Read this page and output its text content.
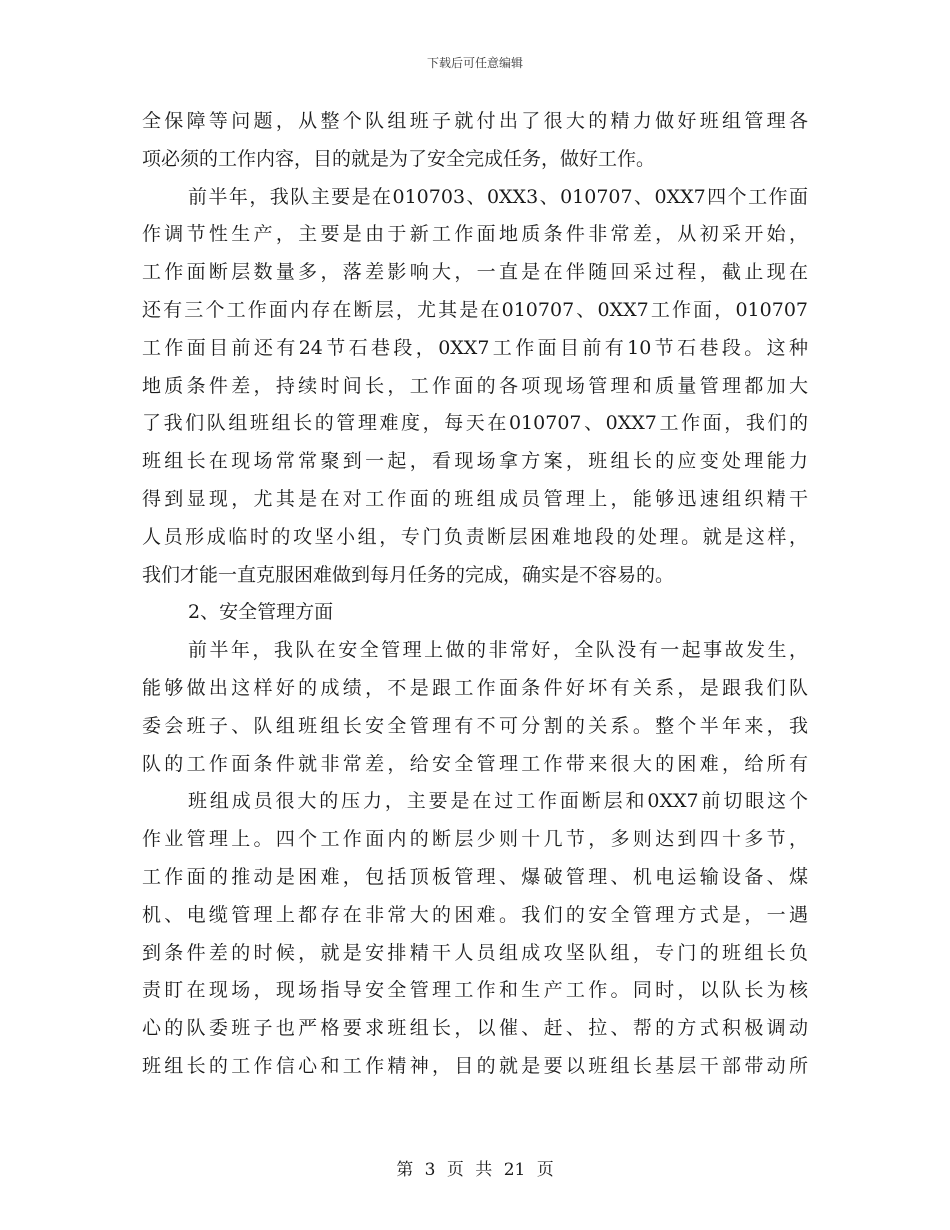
下载后可任意编辑
全保障等问题，从整个队组班子就付出了很大的精力做好班组管理各
项必须的工作内容，目的就是为了安全完成任务，做好工作。
前半年，我队主要是在010703、0XX3、010707、0XX7四个工作面
作调节性生产，主要是由于新工作面地质条件非常差，从初采开始，
工作面断层数量多，落差影响大，一直是在伴随回采过程，截止现在
还有三个工作面内存在断层，尤其是在010707、0XX7工作面，010707
工作面目前还有24节石巷段，0XX7工作面目前有10节石巷段。这种
地质条件差，持续时间长，工作面的各项现场管理和质量管理都加大
了我们队组班组长的管理难度，每天在010707、0XX7工作面，我们的
班组长在现场常常聚到一起，看现场拿方案，班组长的应变处理能力
得到显现，尤其是在对工作面的班组成员管理上，能够迅速组织精干
人员形成临时的攻坚小组，专门负责断层困难地段的处理。就是这样，
我们才能一直克服困难做到每月任务的完成，确实是不容易的。
2、安全管理方面
前半年，我队在安全管理上做的非常好，全队没有一起事故发生，
能够做出这样好的成绩，不是跟工作面条件好坏有关系，是跟我们队
委会班子、队组班组长安全管理有不可分割的关系。整个半年来，我
队的工作面条件就非常差，给安全管理工作带来很大的困难，给所有
班组成员很大的压力，主要是在过工作面断层和0XX7前切眼这个
作业管理上。四个工作面内的断层少则十几节，多则达到四十多节，
工作面的推动是困难，包括顶板管理、爆破管理、机电运输设备、煤
机、电缆管理上都存在非常大的困难。我们的安全管理方式是，一遇
到条件差的时候，就是安排精干人员组成攻坚队组，专门的班组长负
责盯在现场，现场指导安全管理工作和生产工作。同时，以队长为核
心的队委班子也严格要求班组长，以催、赶、拉、帮的方式积极调动
班组长的工作信心和工作精神，目的就是要以班组长基层干部带动所
第 3 页 共 21 页
